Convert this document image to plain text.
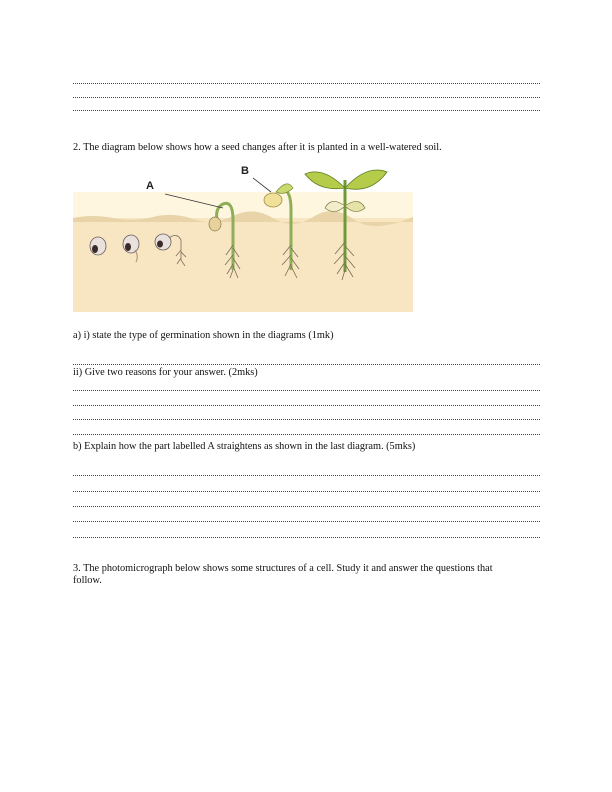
2. The diagram below shows how a seed changes after it is planted in a well-watered soil.
A
B
a) i) state the type of germination shown in the diagrams (1mk)
ii) Give two reasons for your answer. (2mks)
b) Explain how the part labelled A straightens as shown in the last diagram. (5mks)
3. The photomicrograph below shows some structures of a cell. Study it and answer the questions that follow.
